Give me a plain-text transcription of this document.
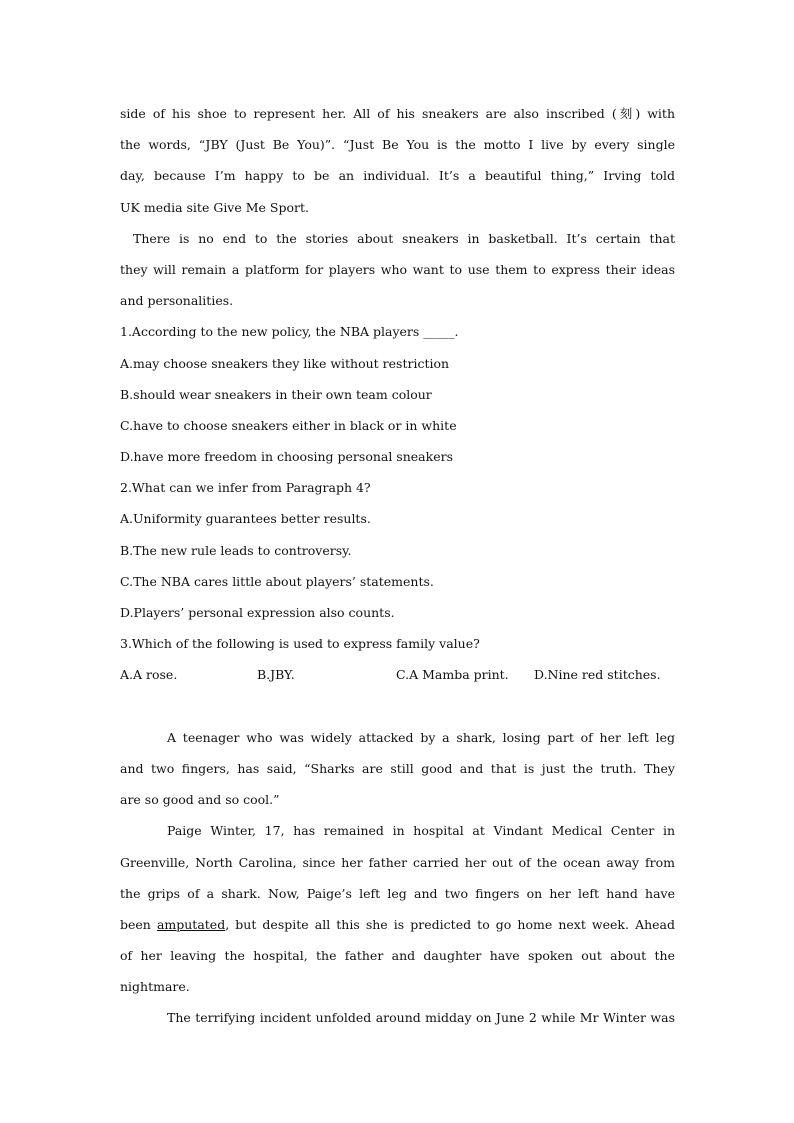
side of his shoe to represent her. All of his sneakers are also inscribed (刻) with
the words, “JBY (Just Be You)”. “Just Be You is the motto I live by every single
day, because I’m happy to be an individual. It’s a beautiful thing,” Irving told
UK media site Give Me Sport.
There is no end to the stories about sneakers in basketball. It’s certain that
they will remain a platform for players who want to use them to express their ideas
and personalities.
1.According to the new policy, the NBA players _____.
A.may choose sneakers they like without restriction
B.should wear sneakers in their own team colour
C.have to choose sneakers either in black or in white
D.have more freedom in choosing personal sneakers
2.What can we infer from Paragraph 4?
A.Uniformity guarantees better results.
B.The new rule leads to controversy.
C.The NBA cares little about players’ statements.
D.Players’ personal expression also counts.
3.Which of the following is used to express family value?
A.A rose.	B.JBY.	C.A Mamba print.	D.Nine red stitches.
A teenager who was widely attacked by a shark, losing part of her left leg
and two fingers, has said, “Sharks are still good and that is just the truth. They
are so good and so cool.”
Paige Winter, 17, has remained in hospital at Vindant Medical Center in
Greenville, North Carolina, since her father carried her out of the ocean away from
the grips of a shark. Now, Paige’s left leg and two fingers on her left hand have
been amputated, but despite all this she is predicted to go home next week. Ahead
of her leaving the hospital, the father and daughter have spoken out about the
nightmare.
The terrifying incident unfolded around midday on June 2 while Mr Winter was
